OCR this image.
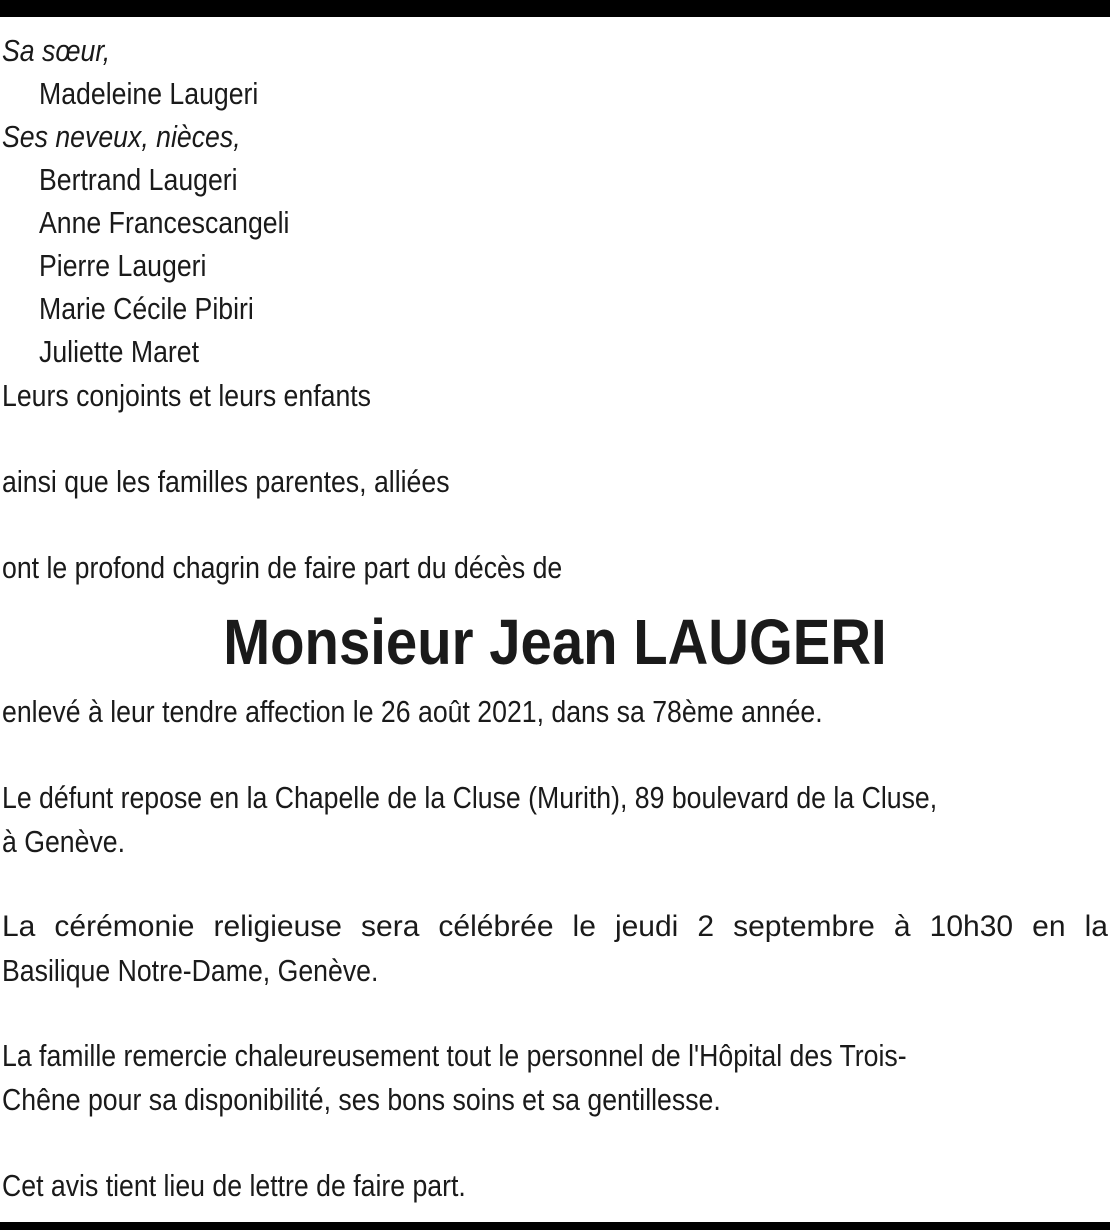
Sa sœur,

Madeleine Laugeri

Ses neveux, nièces,

Bertrand Laugeri

Anne Francescangeli

Pierre Laugeri

Marie Cécile Pibiri

Juliette Maret

Leurs conjoints et leurs enfants

ainsi que les familles parentes, alliées

ont le profond chagrin de faire part du décès de

Monsieur Jean LAUGERI

enlevé à leur tendre affection le 26 août 2021, dans sa 78ème année.

Le défunt repose en la Chapelle de la Cluse (Murith), 89 boulevard de la Cluse,
à Genève.
La cérémonie religieuse sera célébrée le jeudi 2 septembre à 10h30 en la
Basilique Notre-Dame, Genève.
La famille remercie chaleureusement tout le personnel de l'Hôpital des Trois-
Chêne pour sa disponibilité, ses bons soins et sa gentillesse.

Cet avis tient lieu de lettre de faire part.
